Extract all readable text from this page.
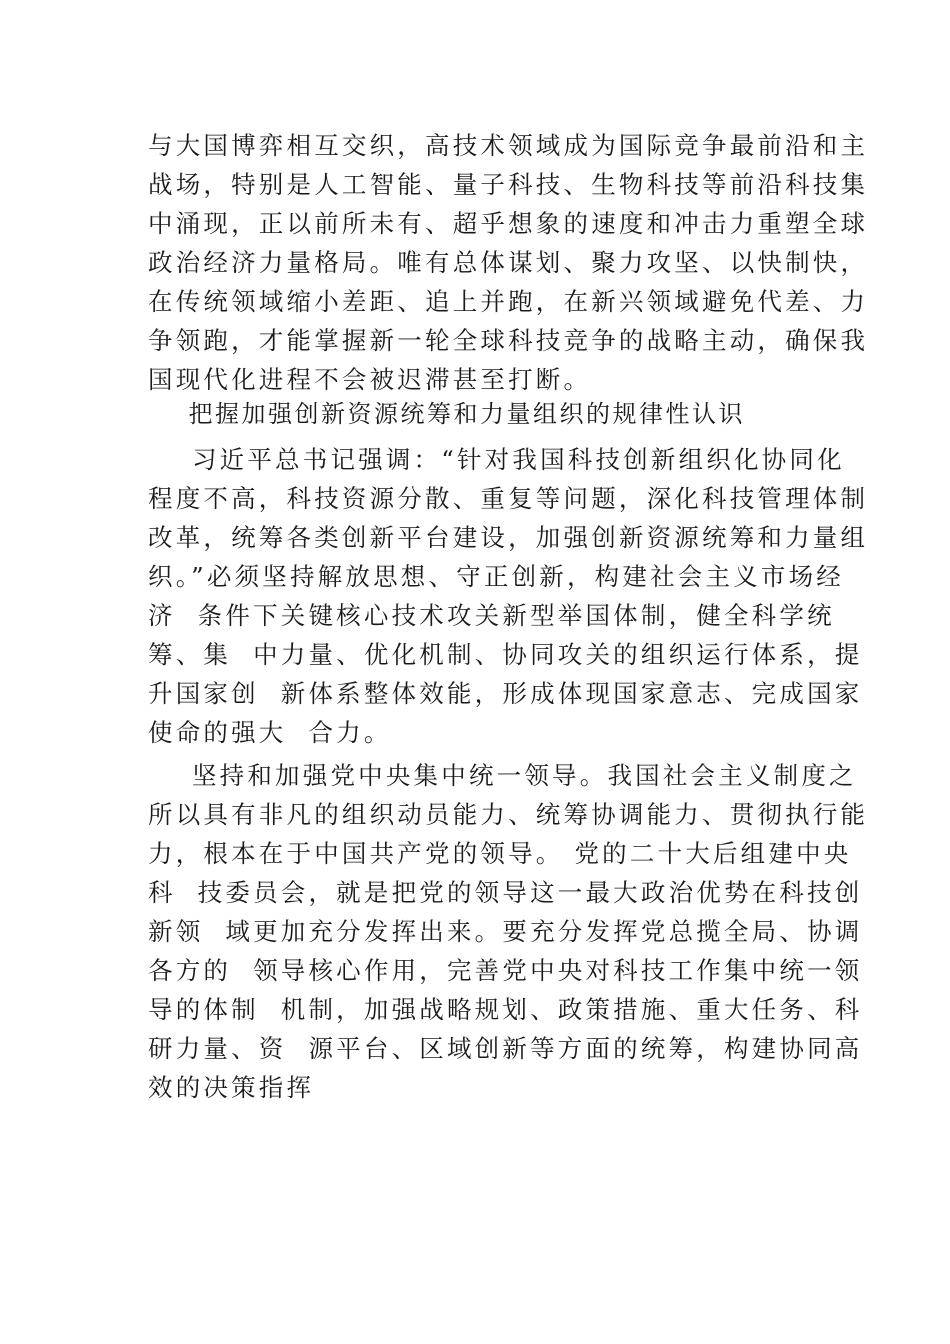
与大国博弈相互交织，高技术领域成为国际竞争最前沿和主
战场，特别是人工智能、量子科技、生物科技等前沿科技集
中涌现，正以前所未有、超乎想象的速度和冲击力重塑全球
政治经济力量格局。唯有总体谋划、聚力攻坚、以快制快，
在传统领域缩小差距、追上并跑，在新兴领域避免代差、力
争领跑，才能掌握新一轮全球科技竞争的战略主动，确保我
国现代化进程不会被迟滞甚至打断。
把握加强创新资源统筹和力量组织的规律性认识
习近平总书记强调：“针对我国科技创新组织化协同化
程度不高，科技资源分散、重复等问题，深化科技管理体制
改革，统筹各类创新平台建设，加强创新资源统筹和力量组
织。”必须坚持解放思想、守正创新，构建社会主义市场经
济  条件下关键核心技术攻关新型举国体制，健全科学统
筹、集  中力量、优化机制、协同攻关的组织运行体系，提
升国家创  新体系整体效能，形成体现国家意志、完成国家
使命的强大  合力。
坚持和加强党中央集中统一领导。我国社会主义制度之
所以具有非凡的组织动员能力、统筹协调能力、贯彻执行能
力，根本在于中国共产党的领导。 党的二十大后组建中央
科  技委员会，就是把党的领导这一最大政治优势在科技创
新领  域更加充分发挥出来。要充分发挥党总揽全局、协调
各方的  领导核心作用，完善党中央对科技工作集中统一领
导的体制  机制，加强战略规划、政策措施、重大任务、科
研力量、资  源平台、区域创新等方面的统筹，构建协同高
效的决策指挥
